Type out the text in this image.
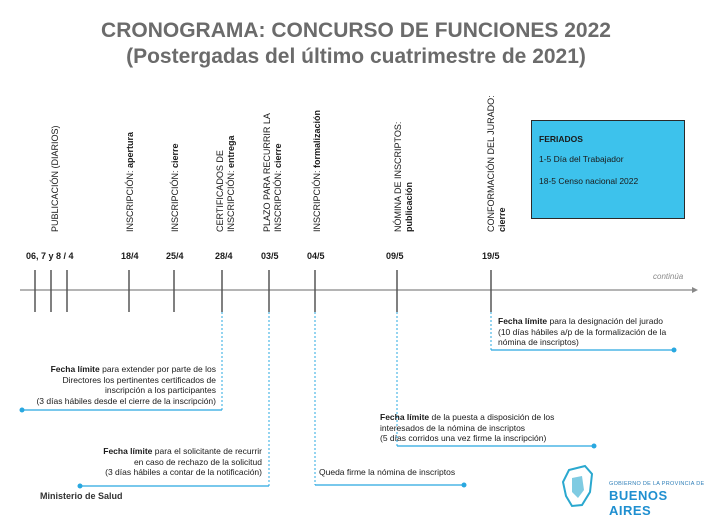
CRONOGRAMA: CONCURSO DE FUNCIONES 2022
(Postergadas del último cuatrimestre de 2021)
PUBLICACIÓN (DIARIOS)	INSCRIPCIÓN: apertura
INSCRIPCIÓN: cierre	CERTIFICADOS DE INSCRIPCIÓN: entrega	PLAZO PARA RECURRIR LA INSCRIPCIÓN: cierre
INSCRIPCIÓN: formalización	NÓMINA DE INSCRIPTOS: publicación	CONFORMACIÓN DEL JURADO: cierre
06, 7 y 8 / 4	18/4	25/4	28/4	03/5	04/5	09/5	19/5
continúa
FERIADOS
1-5 Día del Trabajador
18-5 Censo nacional 2022
Fecha límite para la designación del jurado
(10 días hábiles a/p de la formalización de la
nómina de inscriptos)
Fecha límite para extender por parte de los
Directores los pertinentes certificados de
inscripción a los participantes
(3 días hábiles desde el cierre de la inscripción)
Fecha límite de la puesta a disposición de los
interesados de la nómina de inscriptos
(5 días corridos una vez firme la inscripción)
Fecha límite para el solicitante de recurrir
en caso de rechazo de la solicitud
(3 días hábiles a contar de la notificación)	Queda firme la nómina de inscriptos
Ministerio de Salud
GOBIERNO DE LA PROVINCIA DE
BUENOS AIRES
